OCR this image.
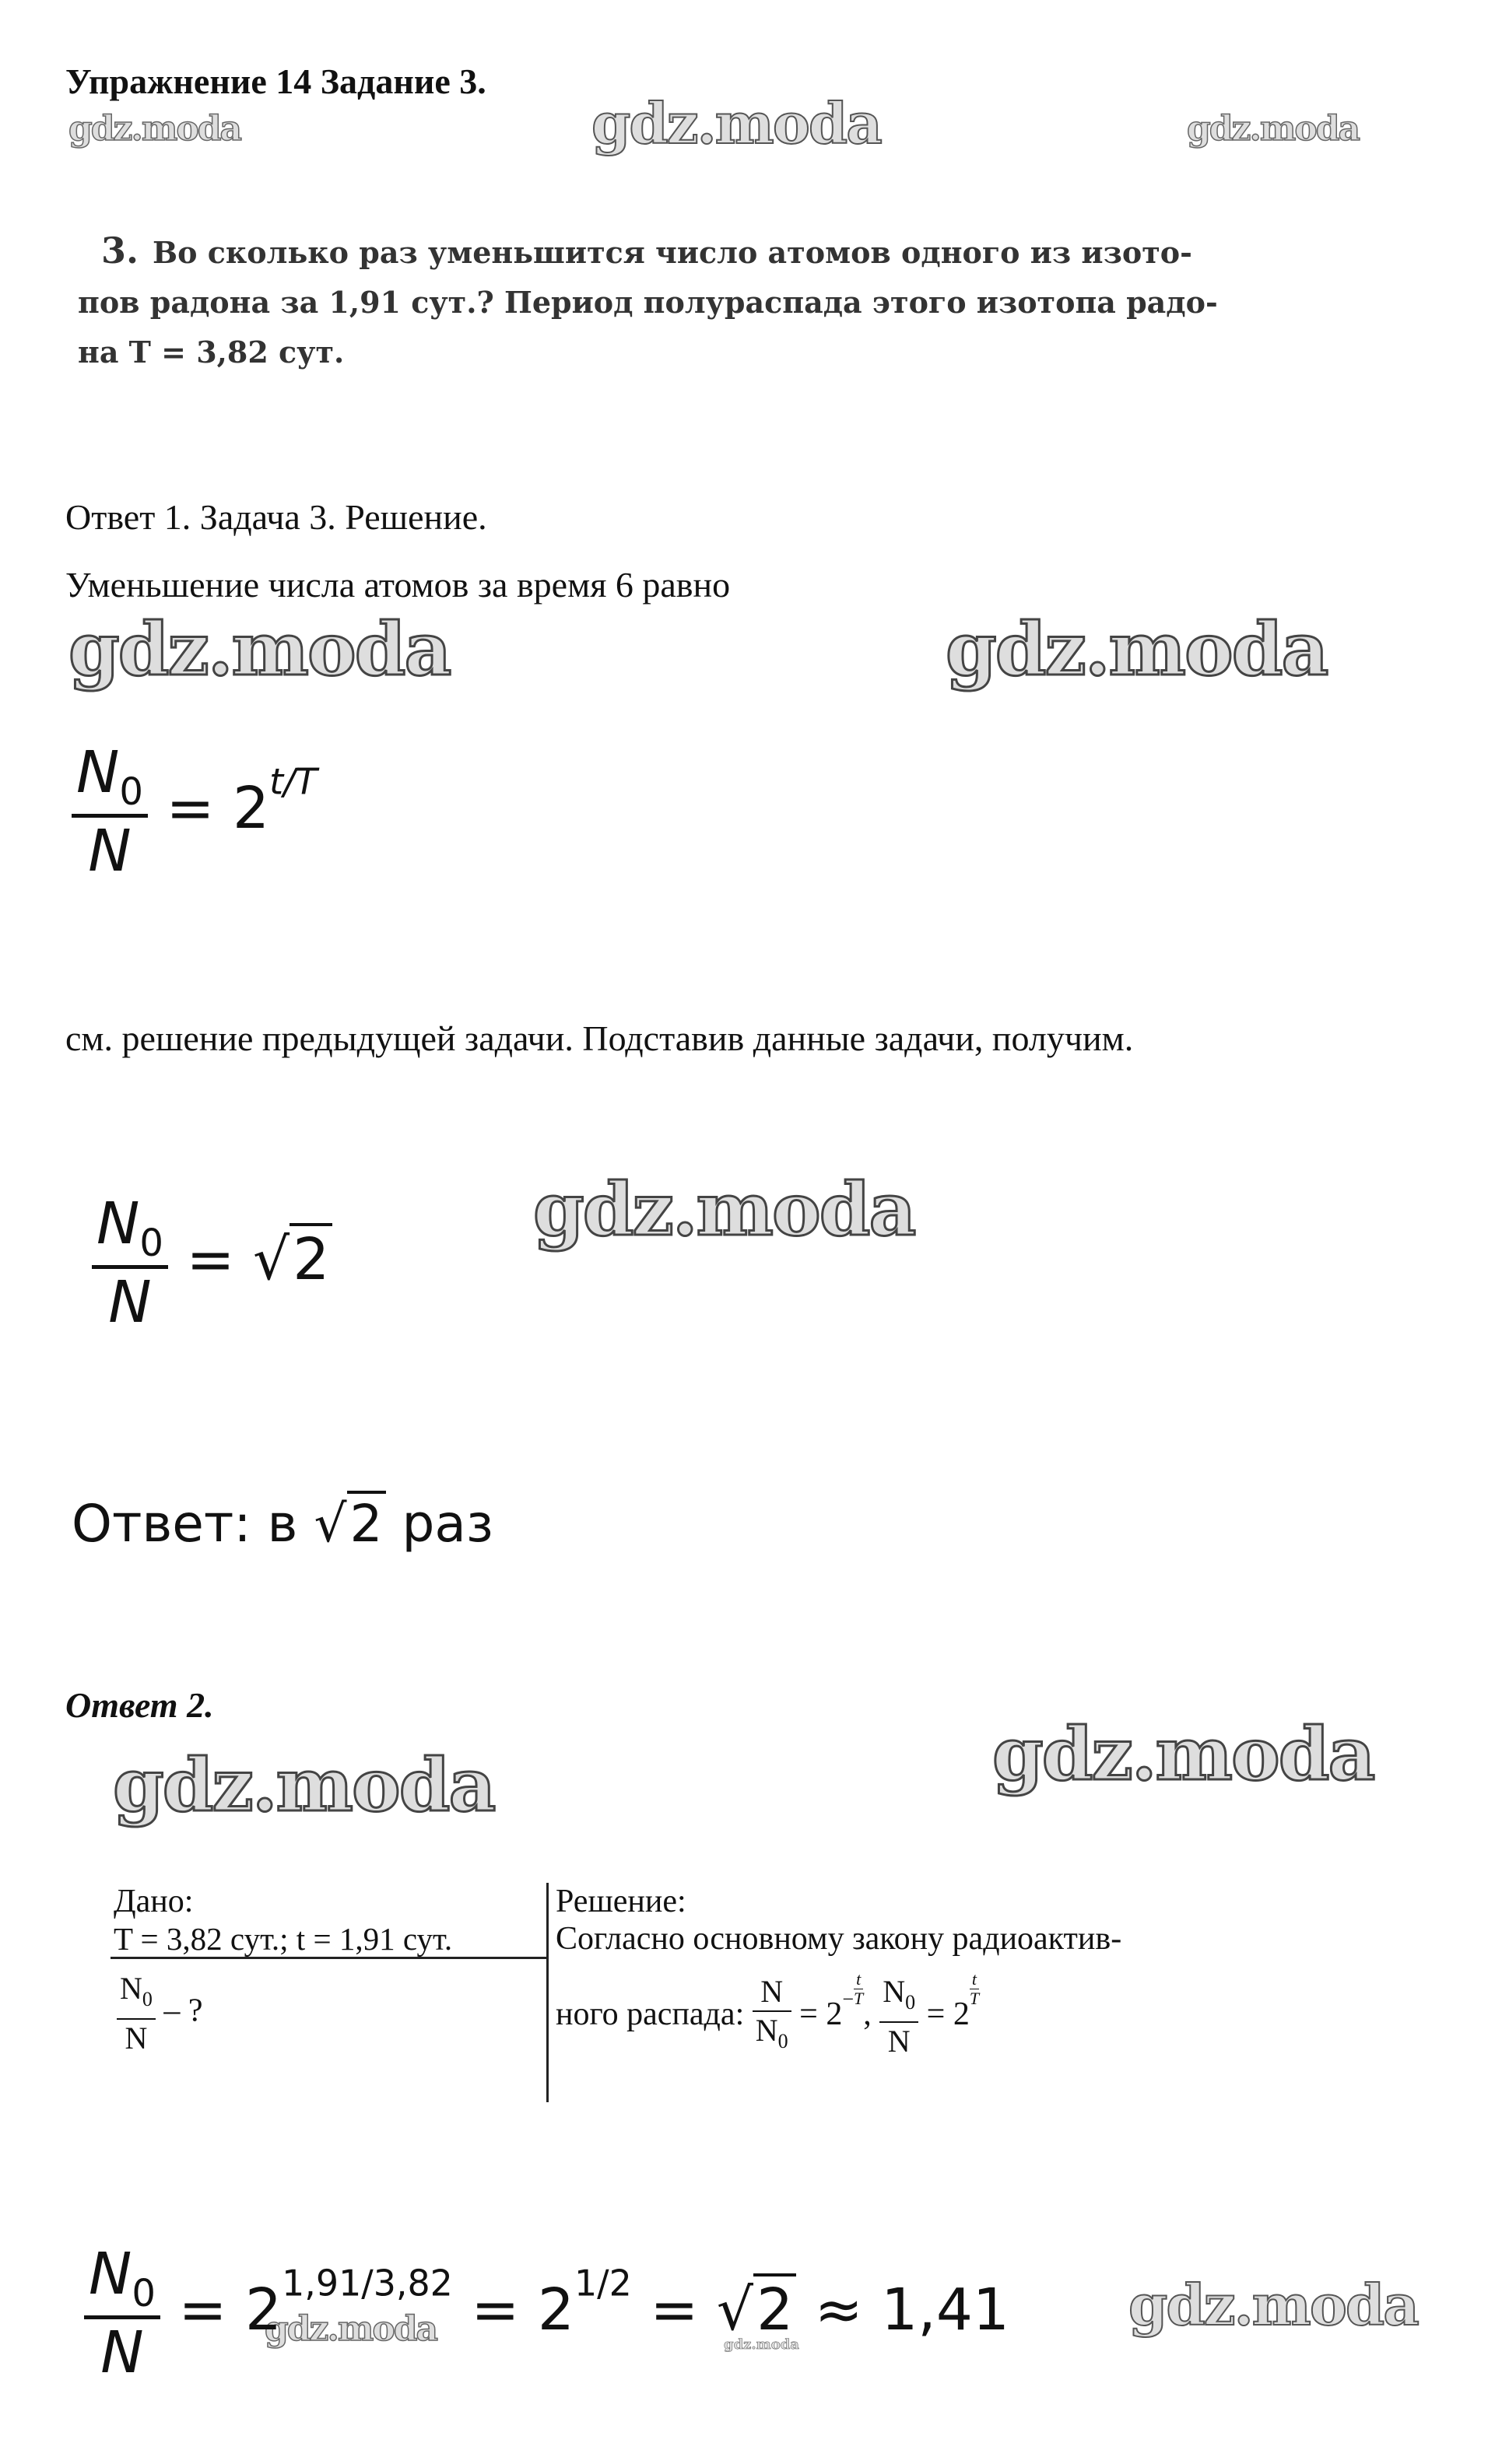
Упражнение 14 Задание 3.
gdz.moda	gdz.moda	gdz.moda
gdz.moda	gdz.moda
gdz.moda
gdz.moda	gdz.moda
gdz.moda
gdz.moda	gdz.moda
3. Во сколько раз уменьшится число атомов одного из изото-
пов радона за 1,91 сут.? Период полураспада этого изотопа радо-
на T = 3,82 сут.
Ответ 1. Задача 3. Решение.
Уменьшение числа атомов за время 6 равно
$\frac{N_0}{N} = 2^{t/T}$
см. решение предыдущей задачи. Подставив данные задачи, получим.
$\frac{N_0}{N} = √2$
Ответ: в √2 раз
Ответ 2.
Дано:
T = 3,82 сут.; t = 1,91 сут.
$\frac{N_0}{N}$ – ?
Решение:
Согласно основному закону радиоактив-
ного распада: $\frac{N}{N_0} = 2- \frac{t}{T}$
, $\frac{N_0}{N} = 2$
$\frac{t}{T}$
$\frac{N_0}{N} = 2^{1,91/3,82} = 2^{1/2} = √2 \approx 1,41$
